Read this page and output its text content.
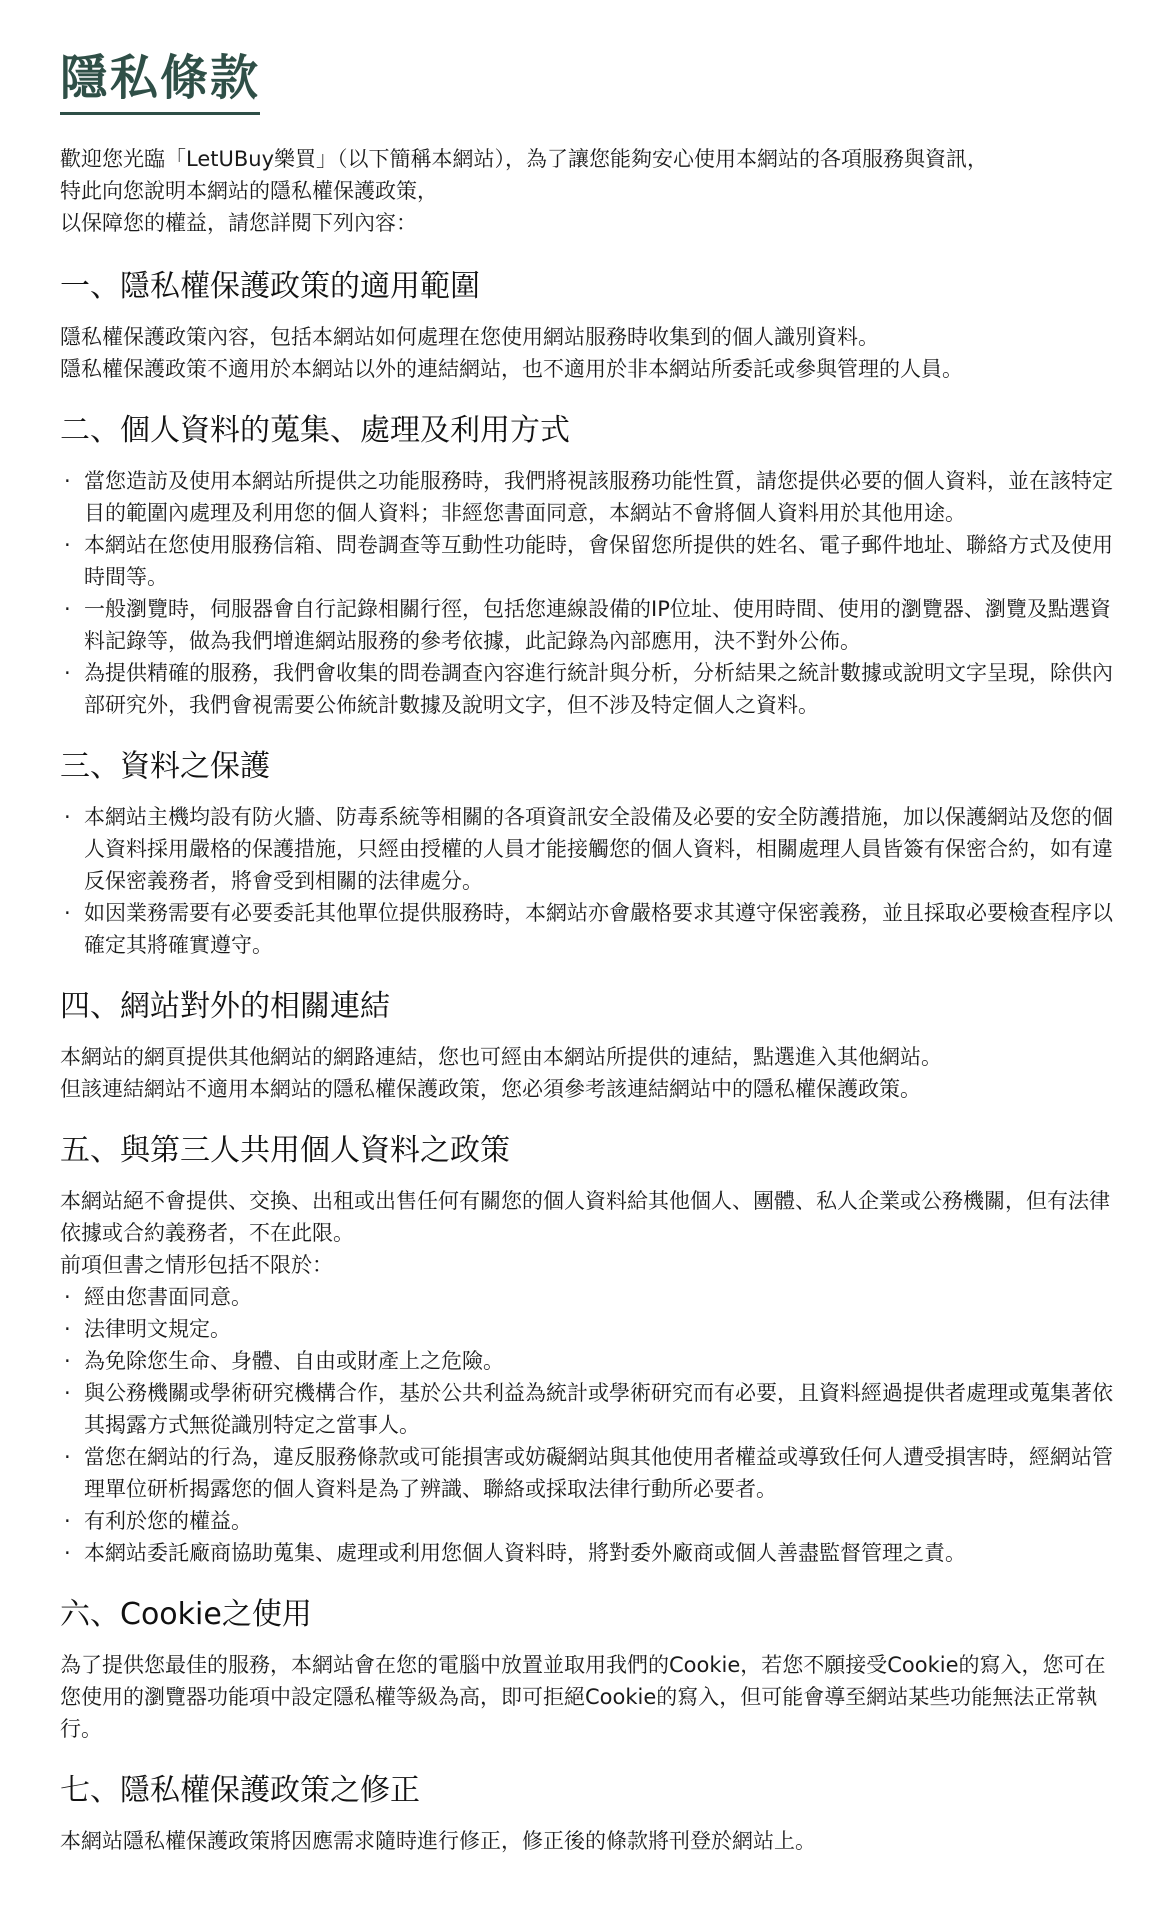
隱私條款

歡迎您光臨「LetUBuy樂買」（以下簡稱本網站），為了讓您能夠安心使用本網站的各項服務與資訊，

特此向您說明本網站的隱私權保護政策，

以保障您的權益，請您詳閱下列內容：

一、隱私權保護政策的適用範圍

隱私權保護政策內容，包括本網站如何處理在您使用網站服務時收集到的個人識別資料。

隱私權保護政策不適用於本網站以外的連結網站，也不適用於非本網站所委託或參與管理的人員。

二、個人資料的蒐集、處理及利用方式
· 當您造訪及使用本網站所提供之功能服務時，我們將視該服務功能性質，請您提供必要的個人資料，並在該特定目的範圍內處理及利用您的個人資料；非經您書面同意，本網站不會將個人資料用於其他用途。
· 本網站在您使用服務信箱、問卷調查等互動性功能時，會保留您所提供的姓名、電子郵件地址、聯絡方式及使用時間等。
· 一般瀏覽時，伺服器會自行記錄相關行徑，包括您連線設備的IP位址、使用時間、使用的瀏覽器、瀏覽及點選資料記錄等，做為我們增進網站服務的參考依據，此記錄為內部應用，決不對外公佈。
· 為提供精確的服務，我們會收集的問卷調查內容進行統計與分析，分析結果之統計數據或說明文字呈現，除供內部研究外，我們會視需要公佈統計數據及說明文字，但不涉及特定個人之資料。
三、資料之保護
· 本網站主機均設有防火牆、防毒系統等相關的各項資訊安全設備及必要的安全防護措施，加以保護網站及您的個人資料採用嚴格的保護措施，只經由授權的人員才能接觸您的個人資料，相關處理人員皆簽有保密合約，如有違反保密義務者，將會受到相關的法律處分。
· 如因業務需要有必要委託其他單位提供服務時，本網站亦會嚴格要求其遵守保密義務，並且採取必要檢查程序以確定其將確實遵守。
四、網站對外的相關連結

本網站的網頁提供其他網站的網路連結，您也可經由本網站所提供的連結，點選進入其他網站。

但該連結網站不適用本網站的隱私權保護政策，您必須參考該連結網站中的隱私權保護政策。

五、與第三人共用個人資料之政策

本網站絕不會提供、交換、出租或出售任何有關您的個人資料給其他個人、團體、私人企業或公務機關，但有法律依據或合約義務者，不在此限。

前項但書之情形包括不限於：

· 經由您書面同意。
· 法律明文規定。
· 為免除您生命、身體、自由或財產上之危險。
· 與公務機關或學術研究機構合作，基於公共利益為統計或學術研究而有必要，且資料經過提供者處理或蒐集著依其揭露方式無從識別特定之當事人。
· 當您在網站的行為，違反服務條款或可能損害或妨礙網站與其他使用者權益或導致任何人遭受損害時，經網站管理單位研析揭露您的個人資料是為了辨識、聯絡或採取法律行動所必要者。
· 有利於您的權益。
· 本網站委託廠商協助蒐集、處理或利用您個人資料時，將對委外廠商或個人善盡監督管理之責。
六、Cookie之使用

為了提供您最佳的服務，本網站會在您的電腦中放置並取用我們的Cookie，若您不願接受Cookie的寫入，您可在您使用的瀏覽器功能項中設定隱私權等級為高，即可拒絕Cookie的寫入，但可能會導至網站某些功能無法正常執行。

七、隱私權保護政策之修正

本網站隱私權保護政策將因應需求隨時進行修正，修正後的條款將刊登於網站上。
